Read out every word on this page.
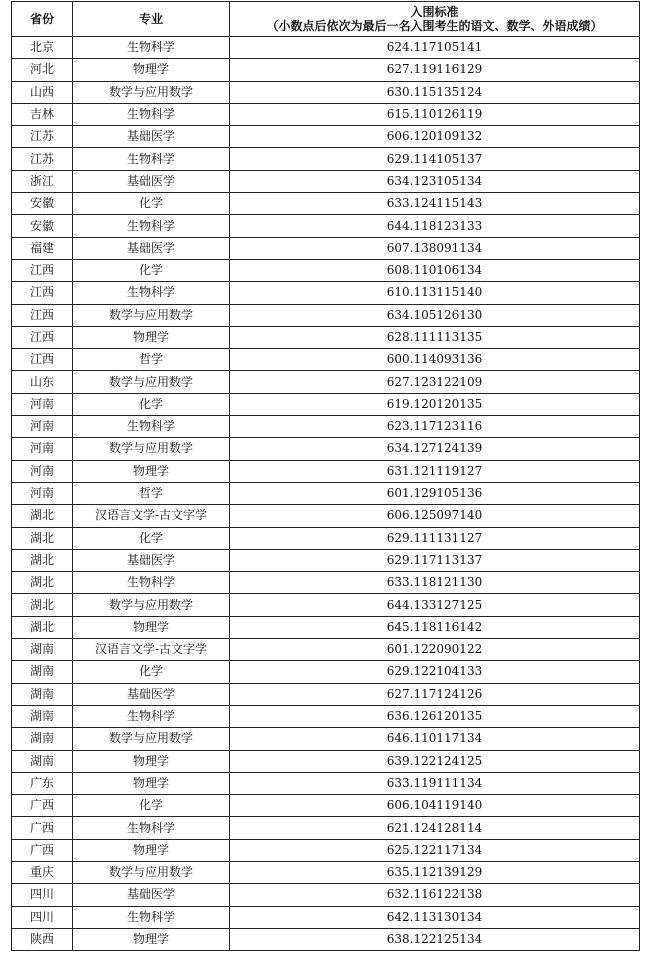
省份	专业	入围标准
（小数点后依次为最后一名入围考生的语文、数学、外语成绩）

北京	生物科学	624.117105141
河北	物理学	627.119116129
山西	数学与应用数学	630.115135124
吉林	生物科学	615.110126119
江苏	基础医学	606.120109132
江苏	生物科学	629.114105137
浙江	基础医学	634.123105134
安徽	化学	633.124115143
安徽	生物科学	644.118123133
福建	基础医学	607.138091134
江西	化学	608.110106134
江西	生物科学	610.113115140
江西	数学与应用数学	634.105126130
江西	物理学	628.111113135
江西	哲学	600.114093136
山东	数学与应用数学	627.123122109
河南	化学	619.120120135
河南	生物科学	623.117123116
河南	数学与应用数学	634.127124139
河南	物理学	631.121119127
河南	哲学	601.129105136
湖北	汉语言文学-古文字学	606.125097140
湖北	化学	629.111131127
湖北	基础医学	629.117113137
湖北	生物科学	633.118121130
湖北	数学与应用数学	644.133127125
湖北	物理学	645.118116142
湖南	汉语言文学-古文字学	601.122090122
湖南	化学	629.122104133
湖南	基础医学	627.117124126
湖南	生物科学	636.126120135
湖南	数学与应用数学	646.110117134
湖南	物理学	639.122124125
广东	物理学	633.119111134
广西	化学	606.104119140
广西	生物科学	621.124128114
广西	物理学	625.122117134
重庆	数学与应用数学	635.112139129
四川	基础医学	632.116122138
四川	生物科学	642.113130134
陕西	物理学	638.122125134
